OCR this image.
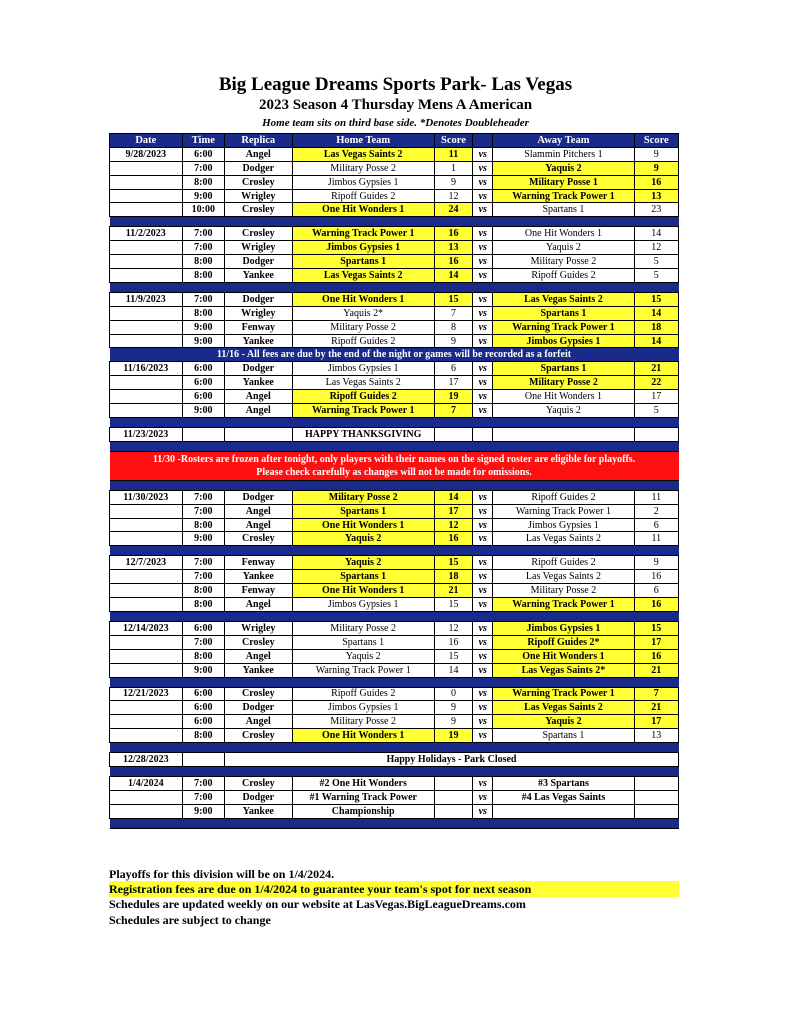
Big League Dreams Sports Park- Las Vegas
2023 Season 4 Thursday Mens A American
Home team sits on third base side. *Denotes Doubleheader
Date	Time	Replica	Home Team	Score		Away Team	Score
9/28/2023	6:00	Angel	Las Vegas Saints 2	11	vs	Slammin Pitchers 1	9
	7:00	Dodger	Military Posse 2	1	vs	Yaquis 2	9
	8:00	Crosley	Jimbos Gypsies 1	9	vs	Military Posse 1	16
	9:00	Wrigley	Ripoff Guides 2	12	vs	Warning Track Power 1	13
	10:00	Crosley	One Hit Wonders 1	24	vs	Spartans 1	23

11/2/2023	7:00	Crosley	Warning Track Power 1	16	vs	One Hit Wonders 1	14
	7:00	Wrigley	Jimbos Gypsies 1	13	vs	Yaquis 2	12
	8:00	Dodger	Spartans 1	16	vs	Military Posse 2	5
	8:00	Yankee	Las Vegas Saints 2	14	vs	Ripoff Guides 2	5

11/9/2023	7:00	Dodger	One Hit Wonders 1	15	vs	Las Vegas Saints 2	15
	8:00	Wrigley	Yaquis 2*	7	vs	Spartans 1	14
	9:00	Fenway	Military Posse 2	8	vs	Warning Track Power 1	18
	9:00	Yankee	Ripoff Guides 2	9	vs	Jimbos Gypsies 1	14
11/16 - All fees are due by the end of the night or games will be recorded as a forfeit							
11/16/2023	6:00	Dodger	Jimbos Gypsies 1	6	vs	Spartans 1	21
	6:00	Yankee	Las Vegas Saints 2	17	vs	Military Posse 2	22
	6:00	Angel	Ripoff Guides 2	19	vs	One Hit Wonders 1	17
	9:00	Angel	Warning Track Power 1	7	vs	Yaquis 2	5

11/23/2023			HAPPY THANKSGIVING				

11/30 -Rosters are frozen after tonight, only players with their names on the signed roster are eligible for playoffs.
Please check carefully as changes will not be made for omissions.							

11/30/2023	7:00	Dodger	Military Posse 2	14	vs	Ripoff Guides 2	11
	7:00	Angel	Spartans 1	17	vs	Warning Track Power 1	2
	8:00	Angel	One Hit Wonders 1	12	vs	Jimbos Gypsies 1	6
	9:00	Crosley	Yaquis 2	16	vs	Las Vegas Saints 2	11

12/7/2023	7:00	Fenway	Yaquis 2	15	vs	Ripoff Guides 2	9
	7:00	Yankee	Spartans 1	18	vs	Las Vegas Saints 2	16
	8:00	Fenway	One Hit Wonders 1	21	vs	Military Posse 2	6
	8:00	Angel	Jimbos Gypsies 1	15	vs	Warning Track Power 1	16

12/14/2023	6:00	Wrigley	Military Posse 2	12	vs	Jimbos Gypsies 1	15
	7:00	Crosley	Spartans 1	16	vs	Ripoff Guides 2*	17
	8:00	Angel	Yaquis 2	15	vs	One Hit Wonders 1	16
	9:00	Yankee	Warning Track Power 1	14	vs	Las Vegas Saints 2*	21

12/21/2023	6:00	Crosley	Ripoff Guides 2	0	vs	Warning Track Power 1	7
	6:00	Dodger	Jimbos Gypsies 1	9	vs	Las Vegas Saints 2	21
	6:00	Angel	Military Posse 2	9	vs	Yaquis 2	17
	8:00	Crosley	One Hit Wonders 1	19	vs	Spartans 1	13

12/28/2023		Happy Holidays - Park Closed					

1/4/2024	7:00	Crosley	#2 One Hit Wonders		vs	#3 Spartans	
	7:00	Dodger	#1 Warning Track Power		vs	#4 Las Vegas Saints	
	9:00	Yankee	Championship		vs		

Playoffs for this division will be on 1/4/2024.
Registration fees are due on 1/4/2024 to guarantee your team's spot for next season
Schedules are updated weekly on our website at LasVegas.BigLeagueDreams.com
Schedules are subject to change
